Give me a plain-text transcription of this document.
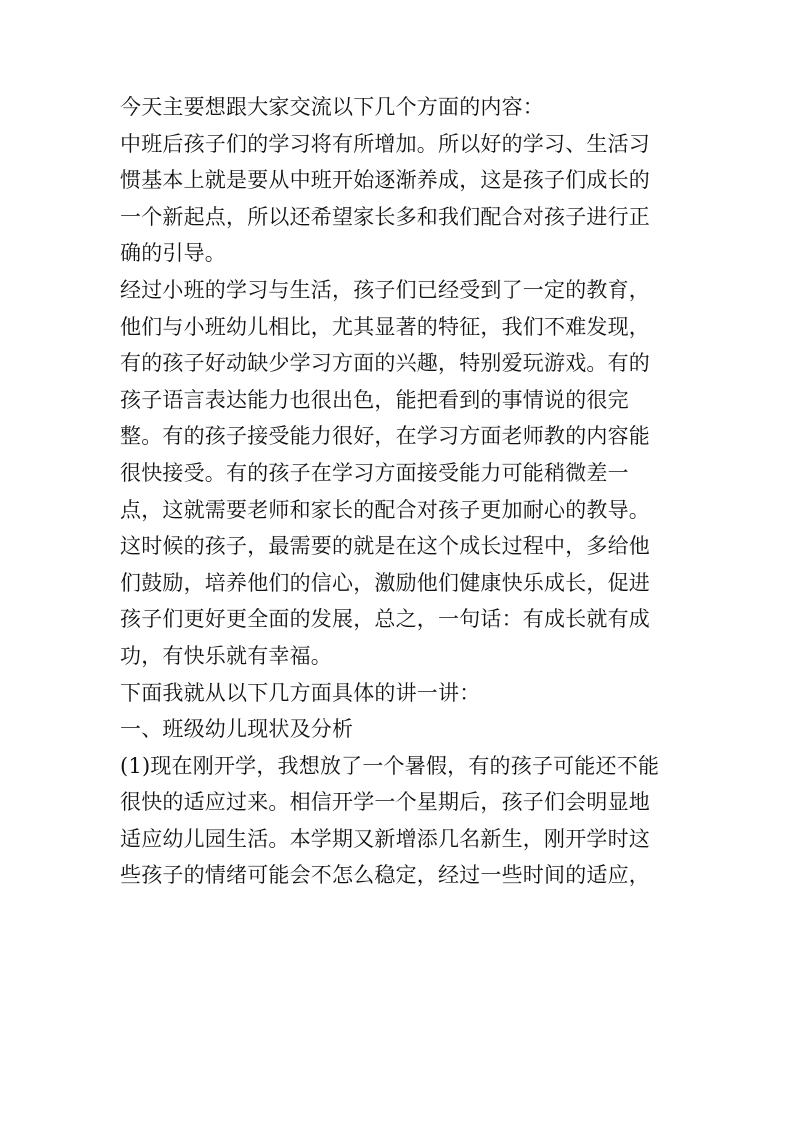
今天主要想跟大家交流以下几个方面的内容：
中班后孩子们的学习将有所增加。所以好的学习、生活习
惯基本上就是要从中班开始逐渐养成，这是孩子们成长的
一个新起点，所以还希望家长多和我们配合对孩子进行正
确的引导。
经过小班的学习与生活，孩子们已经受到了一定的教育，
他们与小班幼儿相比，尤其显著的特征，我们不难发现，
有的孩子好动缺少学习方面的兴趣，特别爱玩游戏。有的
孩子语言表达能力也很出色，能把看到的事情说的很完
整。有的孩子接受能力很好，在学习方面老师教的内容能
很快接受。有的孩子在学习方面接受能力可能稍微差一
点，这就需要老师和家长的配合对孩子更加耐心的教导。
这时候的孩子，最需要的就是在这个成长过程中，多给他
们鼓励，培养他们的信心，激励他们健康快乐成长，促进
孩子们更好更全面的发展，总之，一句话：有成长就有成
功，有快乐就有幸福。
下面我就从以下几方面具体的讲一讲：
一、班级幼儿现状及分析
(1)现在刚开学，我想放了一个暑假，有的孩子可能还不能
很快的适应过来。相信开学一个星期后，孩子们会明显地
适应幼儿园生活。本学期又新增添几名新生，刚开学时这
些孩子的情绪可能会不怎么稳定，经过一些时间的适应，
